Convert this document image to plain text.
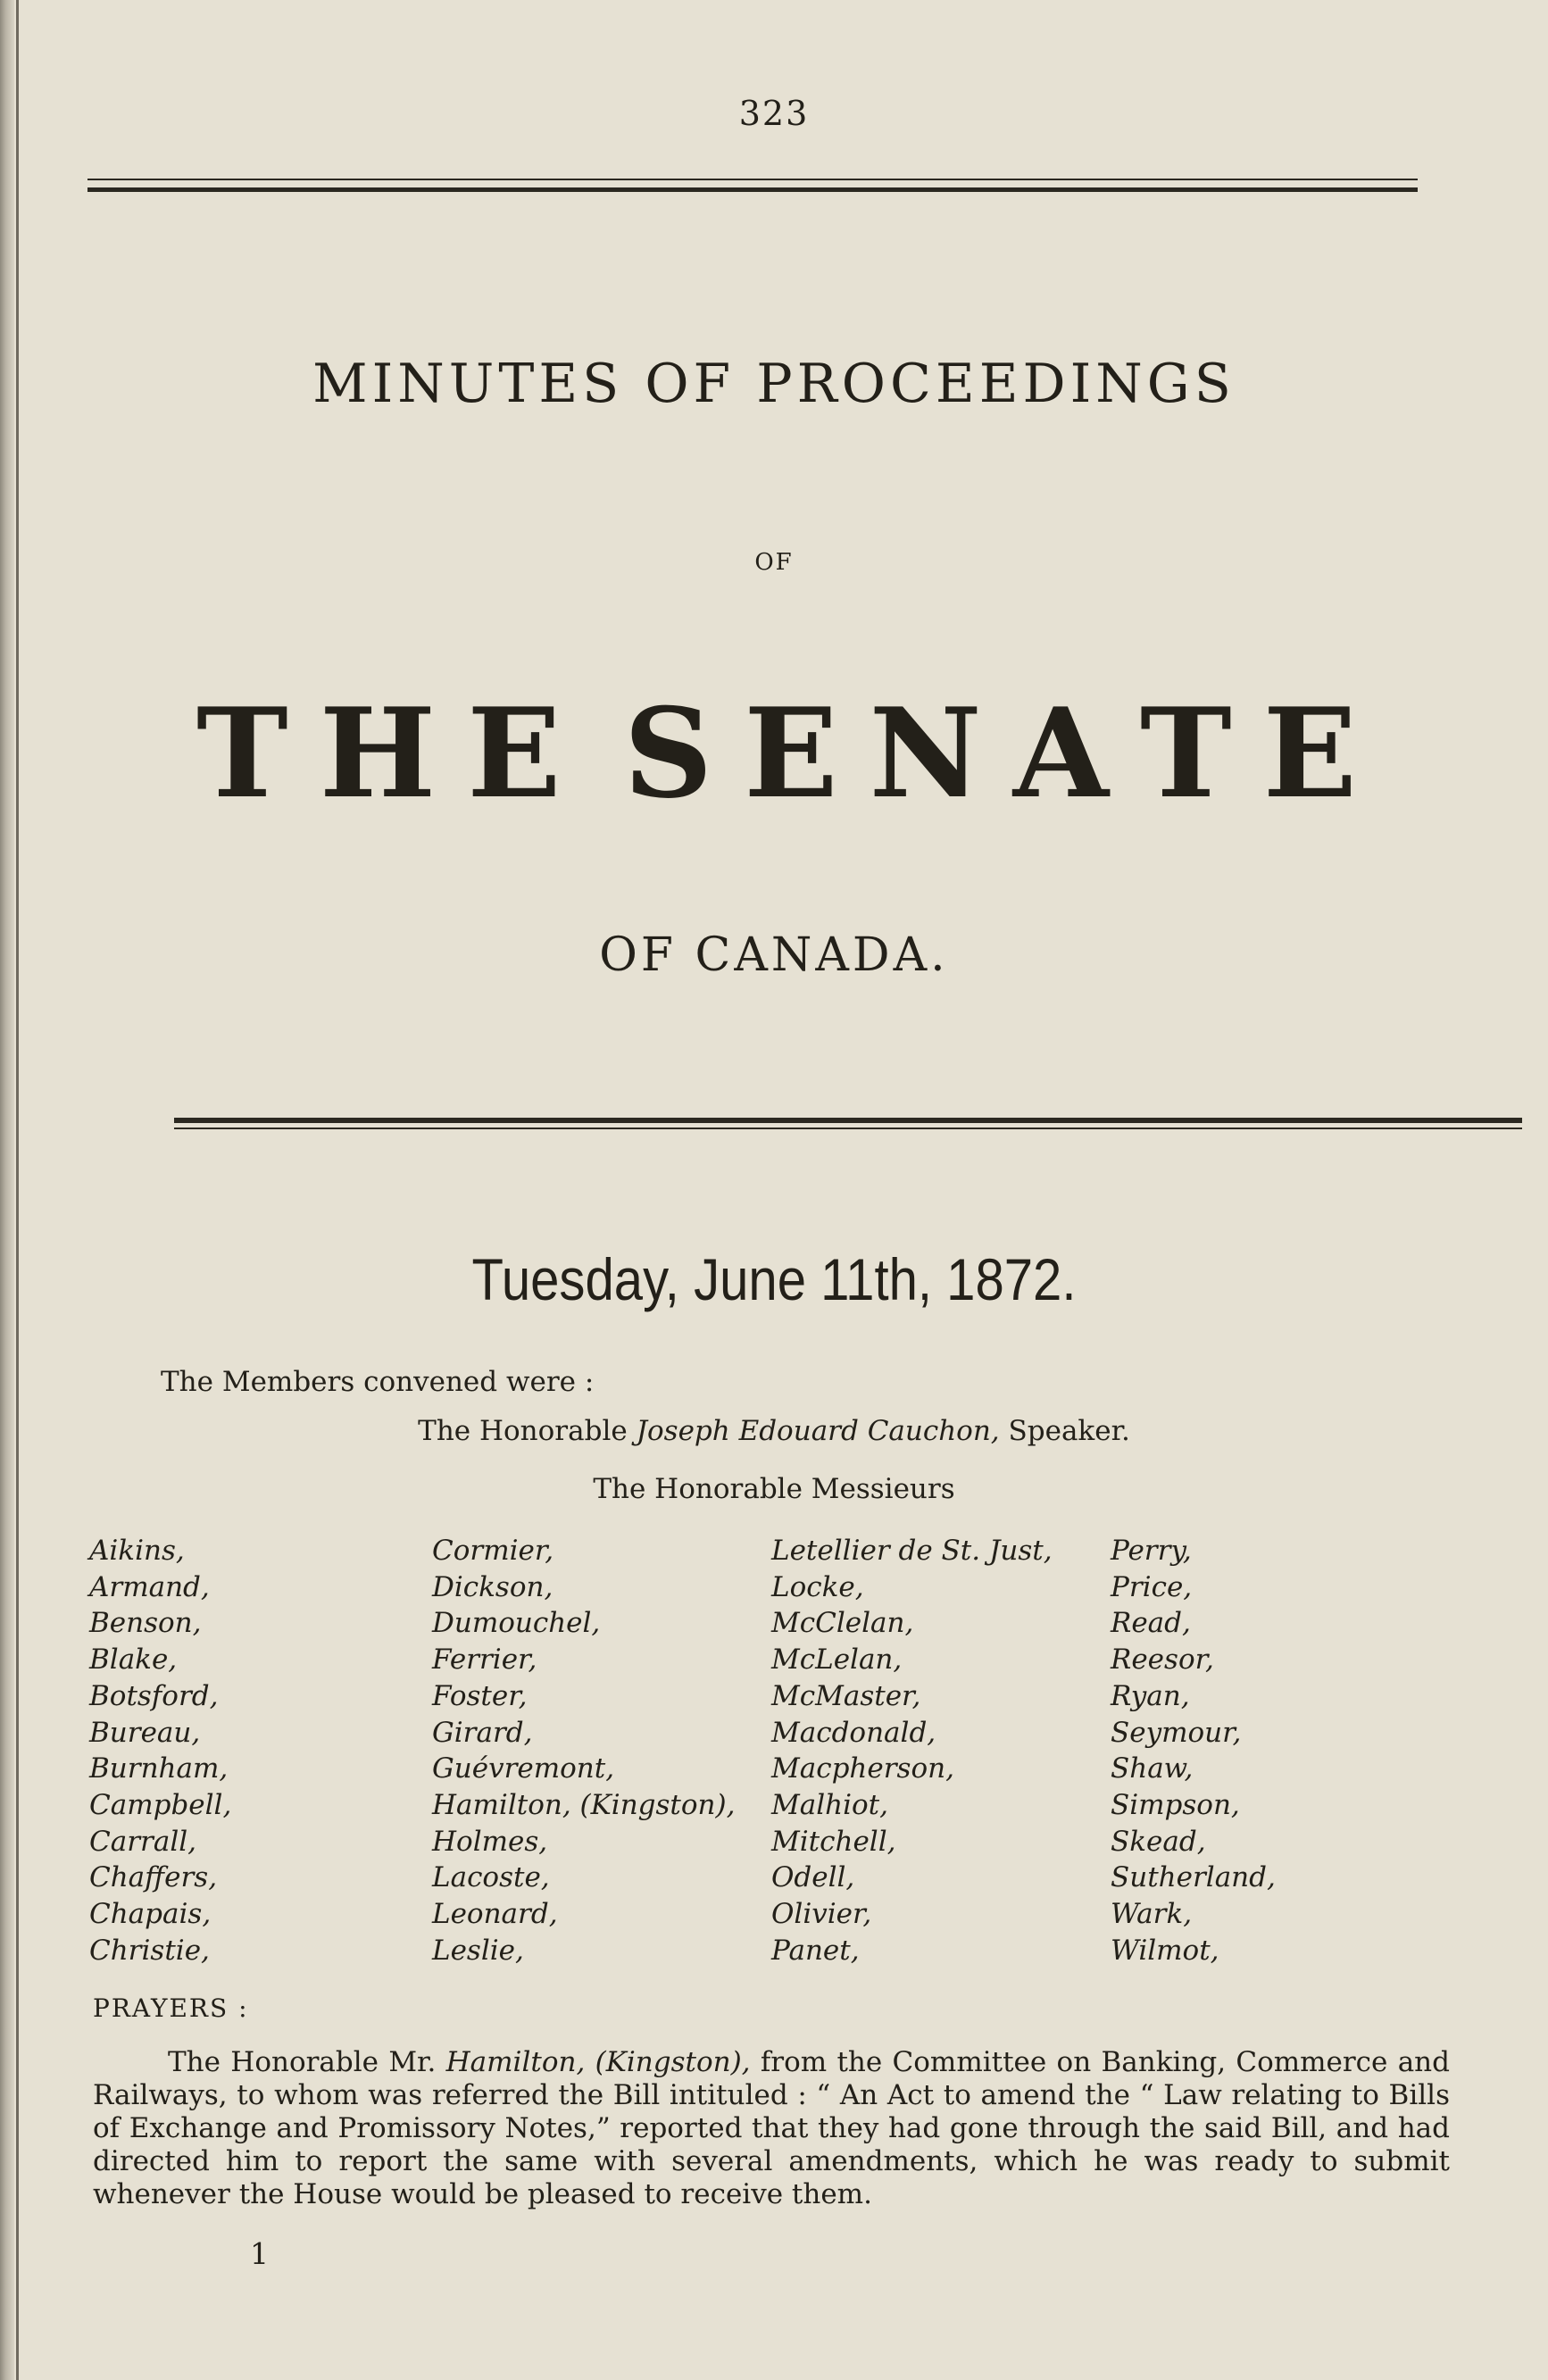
323
MINUTES OF PROCEEDINGS
OF
T H E S E N A T E
OF CANADA.
Tuesday, June 11th, 1872.
The Members convened were :
The Honorable Joseph Edouard Cauchon, Speaker.
The Honorable Messieurs
Aikins,
Armand,
Benson,
Blake,
Botsford,
Bureau,
Burnham,
Campbell,
Carrall,
Chaffers,
Chapais,
Christie,
Cormier,
Dickson,
Dumouchel,
Ferrier,
Foster,
Girard,
Guévremont,
Hamilton, (Kingston),
Holmes,
Lacoste,
Leonard,
Leslie,
Letellier de St. Just,
Locke,
McClelan,
McLelan,
McMaster,
Macdonald,
Macpherson,
Malhiot,
Mitchell,
Odell,
Olivier,
Panet,
Perry,
Price,
Read,
Reesor,
Ryan,
Seymour,
Shaw,
Simpson,
Skead,
Sutherland,
Wark,
Wilmot,
PRAYERS :

The Honorable Mr. Hamilton, (Kingston), from the Committee on Banking, Commerce and Railways, to whom was referred the Bill intituled : “ An Act to amend the “ Law relating to Bills of Exchange and Promissory Notes,” reported that they had gone through the said Bill, and had directed him to report the same with several amendments, which he was ready to submit whenever the House would be pleased to receive them.

1
